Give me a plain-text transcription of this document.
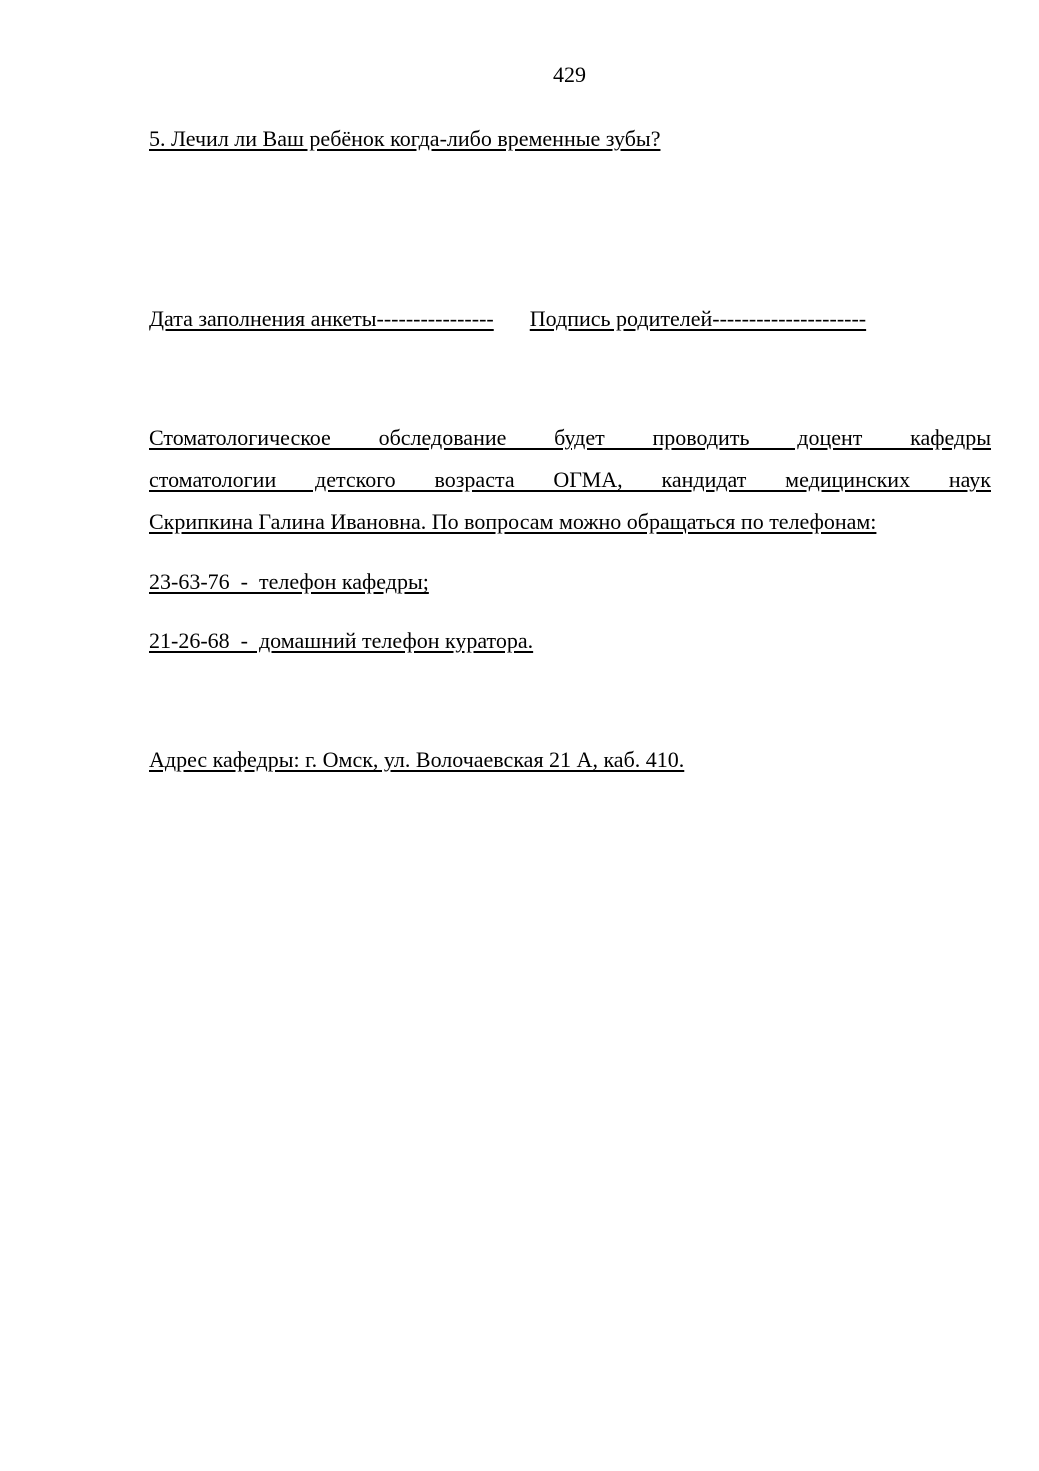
429
5. Лечил ли Ваш ребёнок когда-либо временные зубы?
Дата заполнения анкеты---------------- Подпись родителей---------------------
Стоматологическое обследование будет проводить доцент кафедры
стоматологии детского возраста ОГМА, кандидат медицинских наук
Скрипкина Галина Ивановна. По вопросам можно обращаться по телефонам:
23-63-76  -  телефон кафедры;
21-26-68  -  домашний телефон куратора.
Адрес кафедры: г. Омск, ул. Волочаевская 21 А, каб. 410.
